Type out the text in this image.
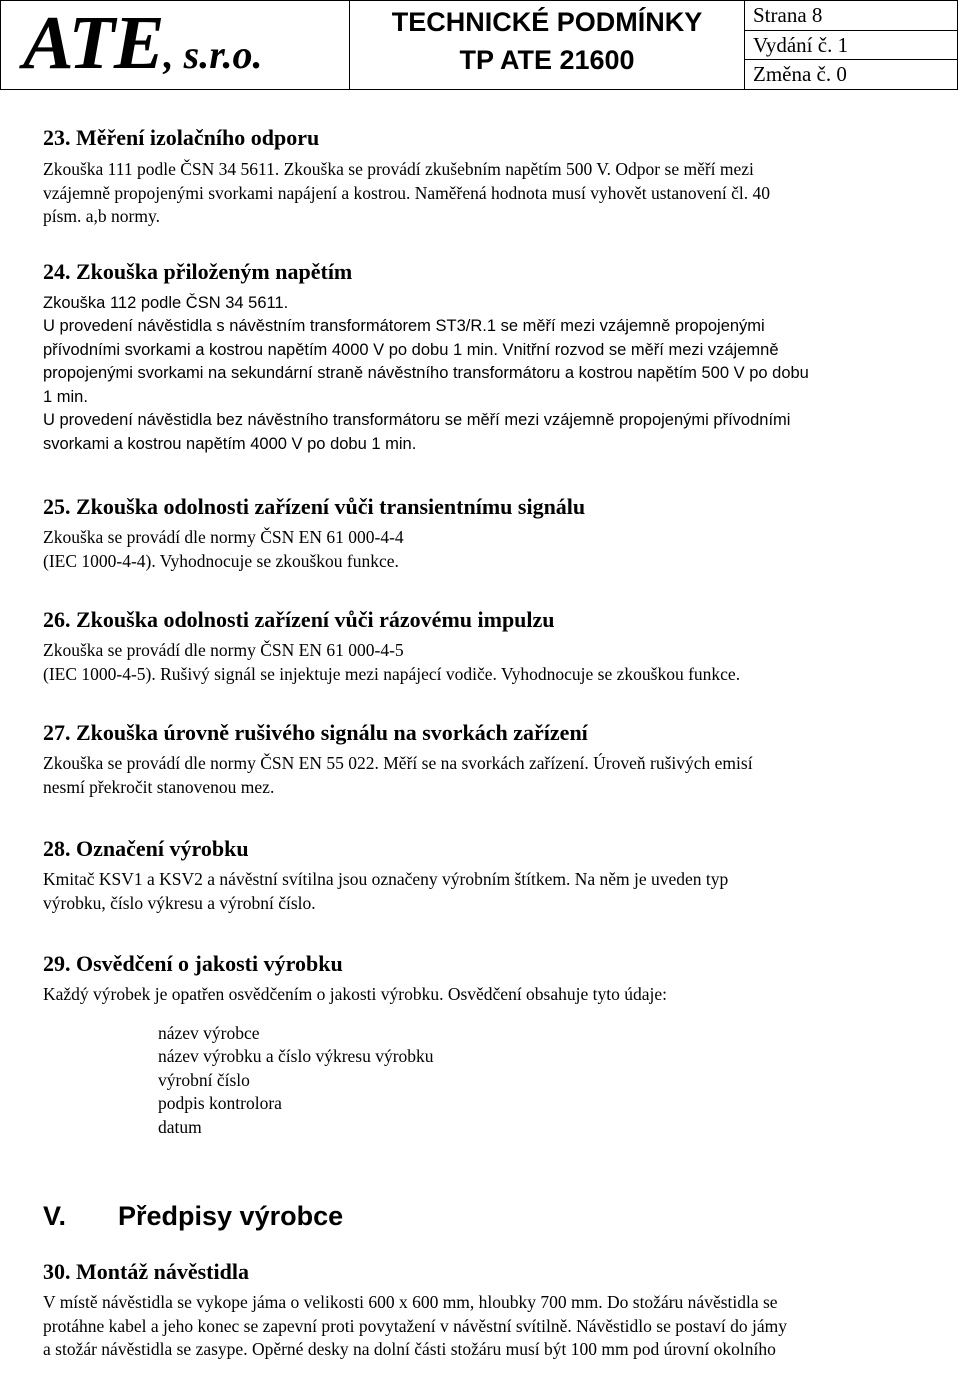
ATE, s.r.o.
TECHNICKÉ PODMÍNKY
TP ATE 21600
Strana 8
Vydání č. 1
Změna č. 0
23. Měření izolačního odporu

Zkouška 111 podle ČSN 34 5611. Zkouška se provádí zkušebním napětím 500 V. Odpor se měří mezi

vzájemně propojenými svorkami napájení a kostrou. Naměřená hodnota musí vyhovět ustanovení čl. 40

písm. a,b normy.

24. Zkouška přiloženým napětím

Zkouška 112 podle ČSN 34 5611.

U provedení návěstidla s návěstním transformátorem ST3/R.1 se měří mezi vzájemně propojenými

přívodními svorkami a kostrou napětím 4000 V po dobu 1 min. Vnitřní rozvod se měří mezi vzájemně

propojenými svorkami na sekundární straně návěstního transformátoru a kostrou napětím 500 V po dobu

1 min.

U provedení návěstidla bez návěstního transformátoru se měří mezi vzájemně propojenými přívodními

svorkami a kostrou napětím 4000 V po dobu 1 min.

25. Zkouška odolnosti zařízení vůči transientnímu signálu

Zkouška se provádí dle normy ČSN EN 61 000-4-4

(IEC 1000-4-4). Vyhodnocuje se zkouškou funkce.

26. Zkouška odolnosti zařízení vůči rázovému impulzu

Zkouška se provádí dle normy ČSN EN 61 000-4-5

(IEC 1000-4-5). Rušivý signál se injektuje mezi napájecí vodiče. Vyhodnocuje se zkouškou funkce.

27. Zkouška úrovně rušivého signálu na svorkách zařízení

Zkouška se provádí dle normy ČSN EN 55 022. Měří se na svorkách zařízení. Úroveň rušivých emisí

nesmí překročit stanovenou mez.

28. Označení výrobku

Kmitač KSV1 a KSV2 a návěstní svítilna jsou označeny výrobním štítkem. Na něm je uveden typ

výrobku, číslo výkresu a výrobní číslo.

29. Osvědčení o jakosti výrobku

Každý výrobek je opatřen osvědčením o jakosti výrobku. Osvědčení obsahuje tyto údaje:

název výrobce
název výrobku a číslo výkresu výrobku
výrobní číslo
podpis kontrolora
datum
V.	Předpisy výrobce
30. Montáž návěstidla

V místě návěstidla se vykope jáma o velikosti 600 x 600 mm, hloubky 700 mm. Do stožáru návěstidla se

protáhne kabel a jeho konec se zapevní proti povytažení v návěstní svítilně. Návěstidlo se postaví do jámy

a stožár návěstidla se zasype. Opěrné desky na dolní části stožáru musí být 100 mm pod úrovní okolního
